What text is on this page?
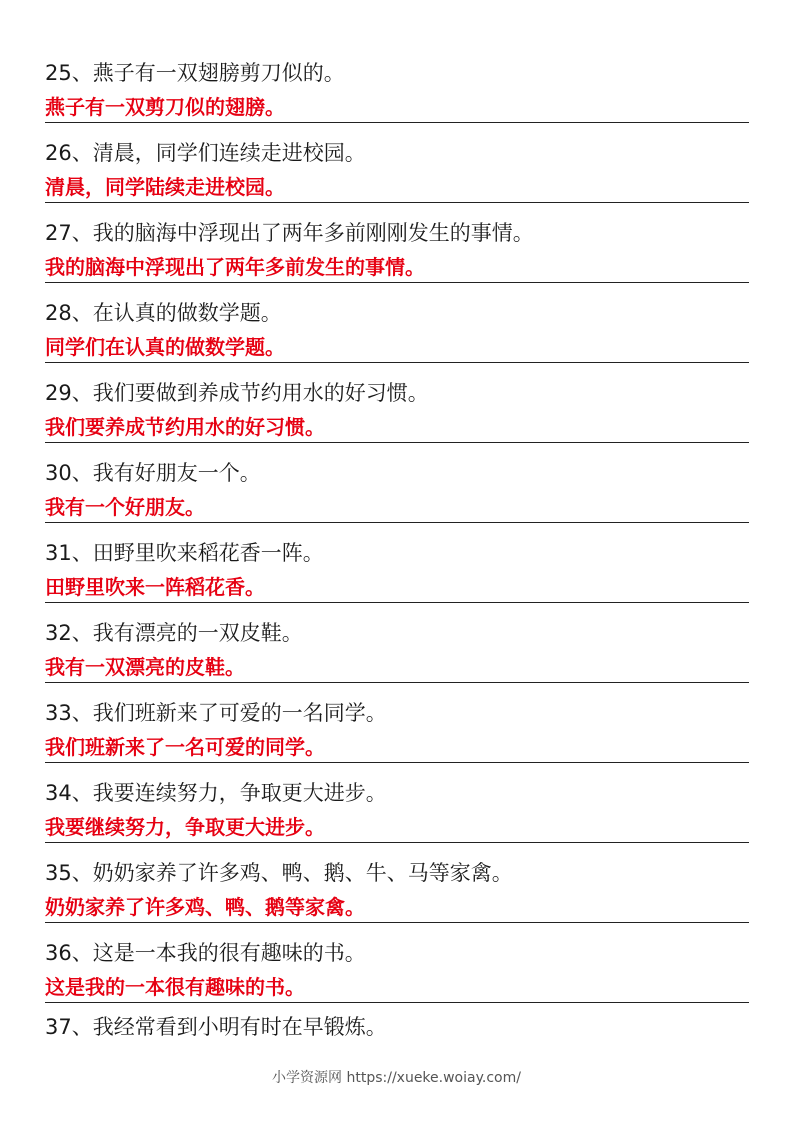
25、燕子有一双翅膀剪刀似的。
燕子有一双剪刀似的翅膀。
26、清晨，同学们连续走进校园。
清晨，同学陆续走进校园。
27、我的脑海中浮现出了两年多前刚刚发生的事情。
我的脑海中浮现出了两年多前发生的事情。
28、在认真的做数学题。
同学们在认真的做数学题。
29、我们要做到养成节约用水的好习惯。
我们要养成节约用水的好习惯。
30、我有好朋友一个。
我有一个好朋友。
31、田野里吹来稻花香一阵。
田野里吹来一阵稻花香。
32、我有漂亮的一双皮鞋。
我有一双漂亮的皮鞋。
33、我们班新来了可爱的一名同学。
我们班新来了一名可爱的同学。
34、我要连续努力，争取更大进步。
我要继续努力，争取更大进步。
35、奶奶家养了许多鸡、鸭、鹅、牛、马等家禽。
奶奶家养了许多鸡、鸭、鹅等家禽。
36、这是一本我的很有趣味的书。
这是我的一本很有趣味的书。
37、我经常看到小明有时在早锻炼。
小学资源网 https://xueke.woiay.com/
